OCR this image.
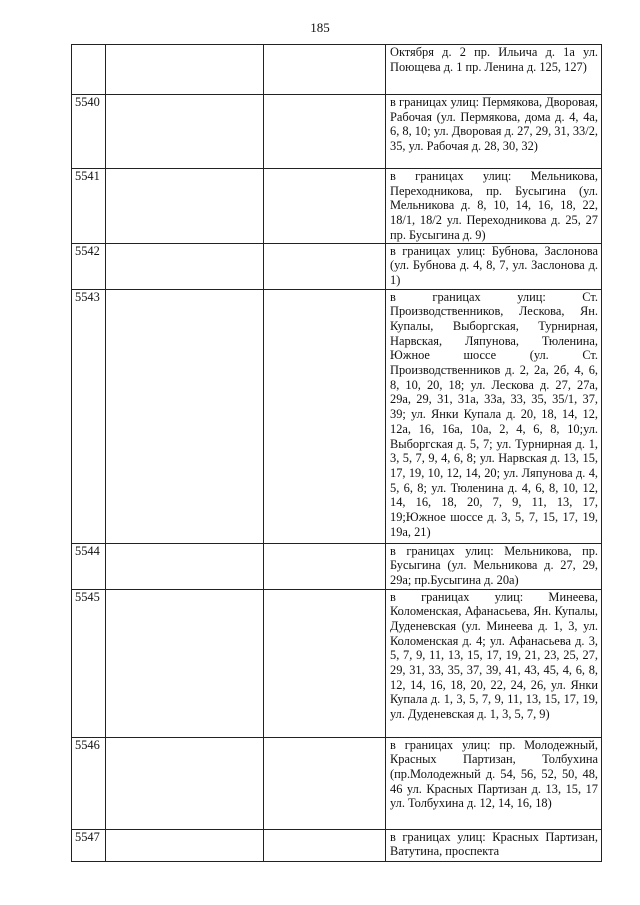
185
			Октября д. 2 пр. Ильича д. 1а ул. Поющева д. 1 пр. Ленина д. 125, 127)
5540			в границах улиц: Пермякова, Дворовая, Рабочая (ул. Пермякова, дома д. 4, 4а, 6, 8, 10; ул. Дворовая д. 27, 29, 31, 33/2, 35, ул. Рабочая д. 28, 30, 32)
5541			в границах улиц: Мельникова, Переходникова, пр. Бусыгина (ул. Мельникова д. 8, 10, 14, 16, 18, 22, 18/1, 18/2 ул. Переходникова д. 25, 27 пр. Бусыгина д. 9)
5542			в границах улиц: Бубнова, Заслонова (ул. Бубнова д. 4, 8, 7, ул. Заслонова д. 1)
5543			в границах улиц: Ст. Производственников, Лескова, Ян. Купалы, Выборгская, Турнирная, Нарвская, Ляпунова, Тюленина, Южное шоссе (ул. Ст. Производственников д. 2, 2а, 2б, 4, 6, 8, 10, 20, 18; ул. Лескова д. 27, 27а, 29а, 29, 31, 31а, 33а, 33, 35, 35/1, 37, 39; ул. Янки Купала д. 20, 18, 14, 12, 12а, 16, 16а, 10а, 2, 4, 6, 8, 10;ул. Выборгская д. 5, 7; ул. Турнирная д. 1, 3, 5, 7, 9, 4, 6, 8; ул. Нарвская д. 13, 15, 17, 19, 10, 12, 14, 20; ул. Ляпунова д. 4, 5, 6, 8; ул. Тюленина д. 4, 6, 8, 10, 12, 14, 16, 18, 20, 7, 9, 11, 13, 17, 19;Южное шоссе д. 3, 5, 7, 15, 17, 19, 19а, 21)
5544			в границах улиц: Мельникова, пр. Бусыгина (ул. Мельникова д. 27, 29, 29а; пр.Бусыгина д. 20а)
5545			в границах улиц: Минеева, Коломенская, Афанасьева, Ян. Купалы, Дуденевская (ул. Минеева д. 1, 3, ул. Коломенская д. 4; ул. Афанасьева д. 3, 5, 7, 9, 11, 13, 15, 17, 19, 21, 23, 25, 27, 29, 31, 33, 35, 37, 39, 41, 43, 45, 4, 6, 8, 12, 14, 16, 18, 20, 22, 24, 26, ул. Янки Купала д. 1, 3, 5, 7, 9, 11, 13, 15, 17, 19, ул. Дуденевская д. 1, 3, 5, 7, 9)
5546			в границах улиц: пр. Молодежный, Красных Партизан, Толбухина (пр.Молодежный д. 54, 56, 52, 50, 48, 46 ул. Красных Партизан д. 13, 15, 17 ул. Толбухина д. 12, 14, 16, 18)
5547			в границах улиц: Красных Партизан, Ватутина, проспекта
